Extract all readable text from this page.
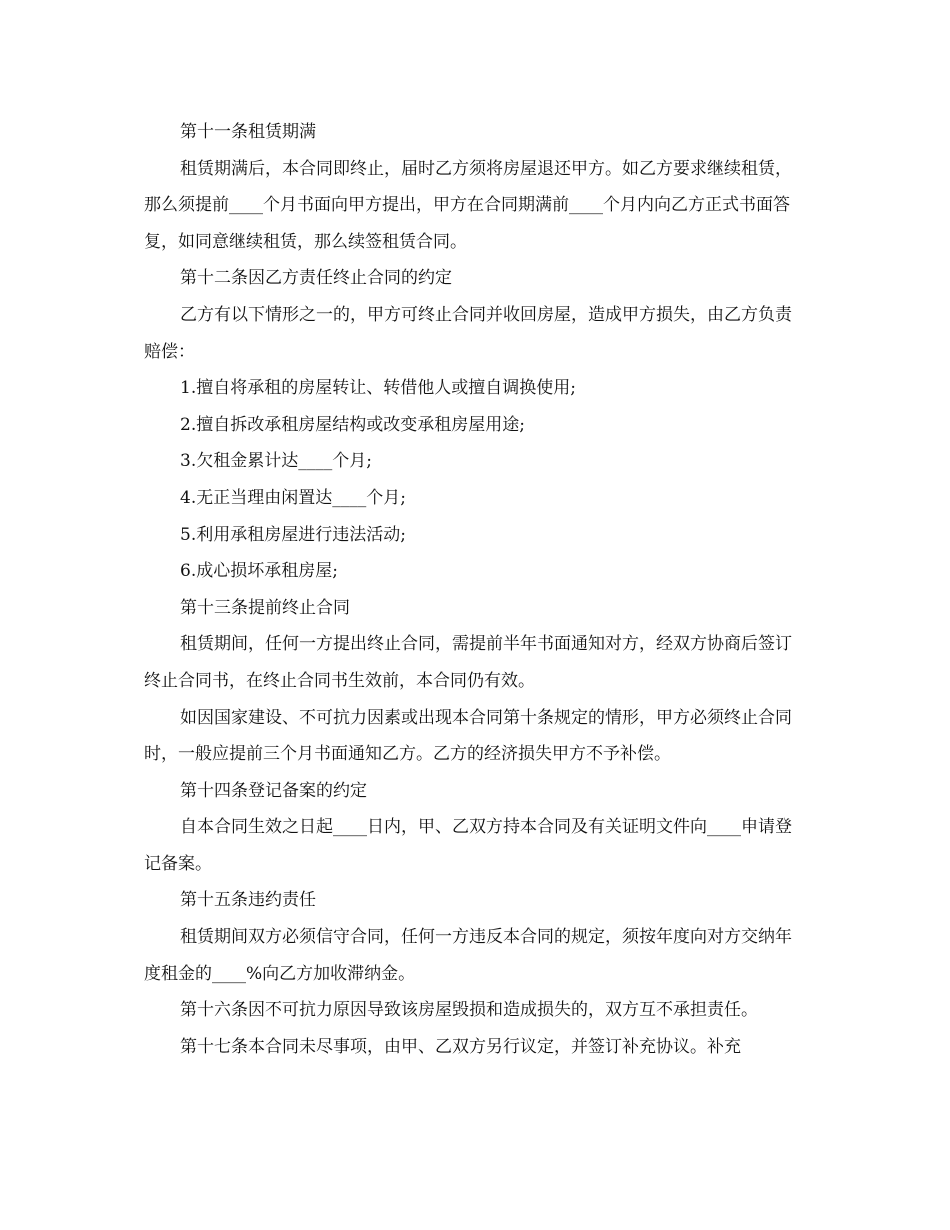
第十一条租赁期满

租赁期满后，本合同即终止，届时乙方须将房屋退还甲方。如乙方要求继续租赁，那么须提前____个月书面向甲方提出，甲方在合同期满前____个月内向乙方正式书面答复，如同意继续租赁，那么续签租赁合同。

第十二条因乙方责任终止合同的约定

乙方有以下情形之一的，甲方可终止合同并收回房屋，造成甲方损失，由乙方负责赔偿：

1.擅自将承租的房屋转让、转借他人或擅自调换使用;

2.擅自拆改承租房屋结构或改变承租房屋用途;

3.欠租金累计达____个月;

4.无正当理由闲置达____个月;

5.利用承租房屋进行违法活动;

6.成心损坏承租房屋;

第十三条提前终止合同

租赁期间，任何一方提出终止合同，需提前半年书面通知对方，经双方协商后签订终止合同书，在终止合同书生效前，本合同仍有效。

如因国家建设、不可抗力因素或出现本合同第十条规定的情形，甲方必须终止合同时，一般应提前三个月书面通知乙方。乙方的经济损失甲方不予补偿。

第十四条登记备案的约定

自本合同生效之日起____日内，甲、乙双方持本合同及有关证明文件向____申请登记备案。

第十五条违约责任

租赁期间双方必须信守合同，任何一方违反本合同的规定，须按年度向对方交纳年度租金的____%向乙方加收滞纳金。

第十六条因不可抗力原因导致该房屋毁损和造成损失的，双方互不承担责任。

第十七条本合同未尽事项，由甲、乙双方另行议定，并签订补充协议。补充
